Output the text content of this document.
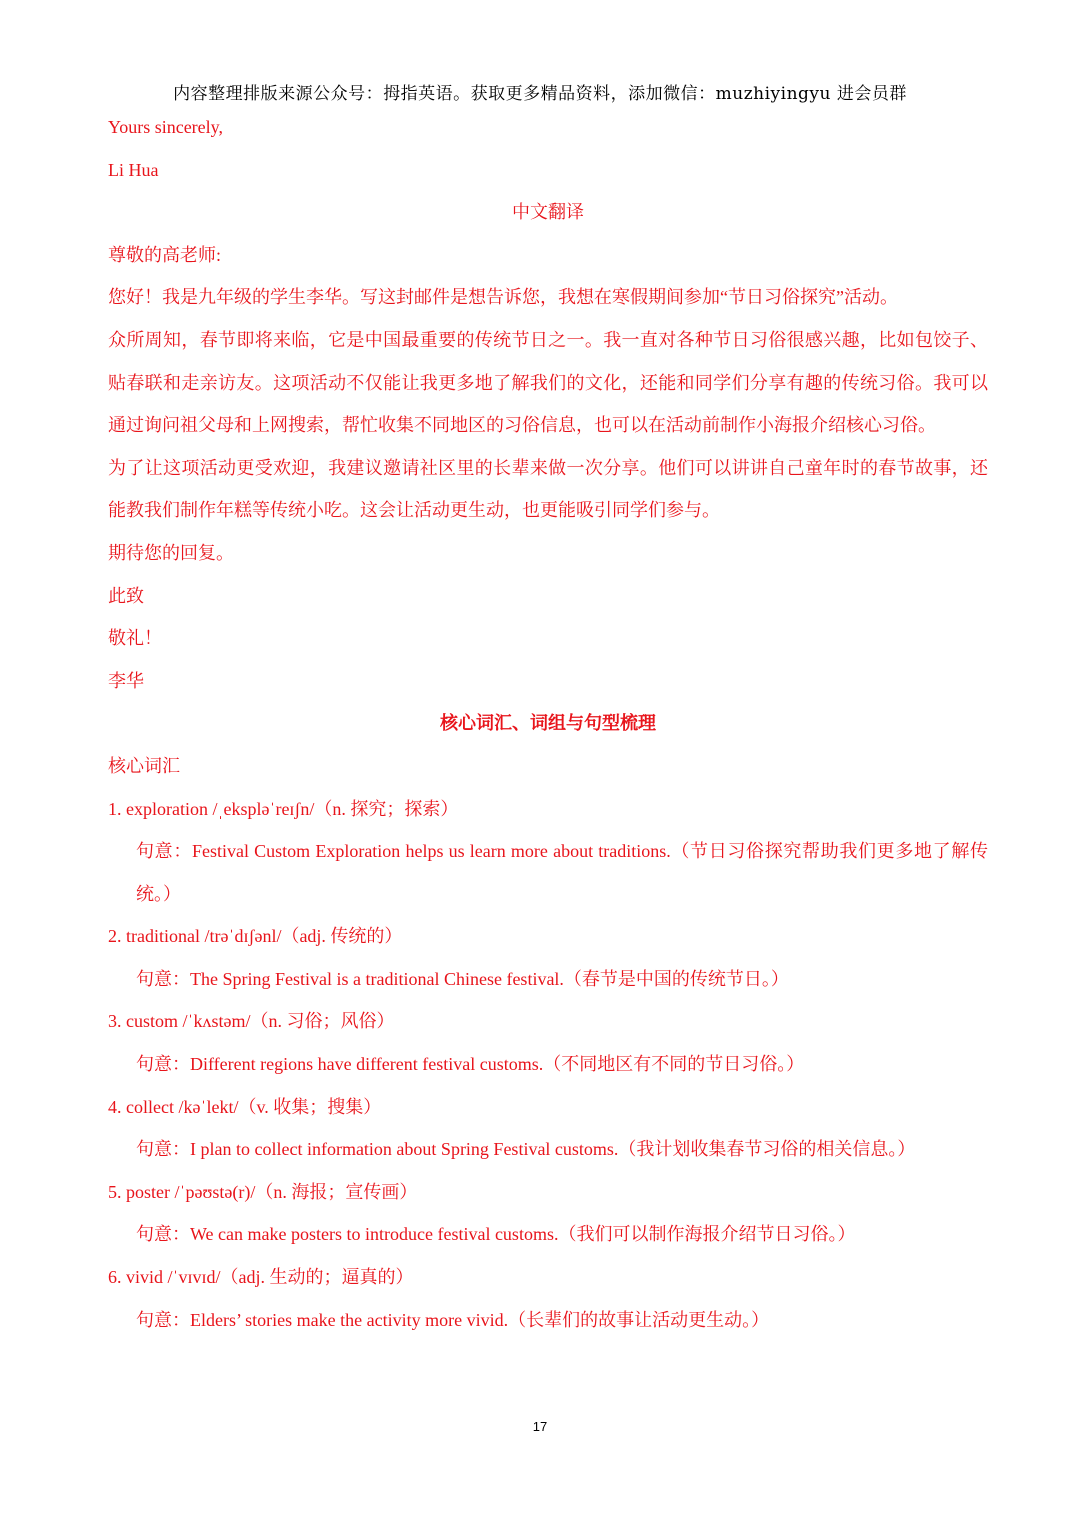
内容整理排版来源公众号：拇指英语。获取更多精品资料，添加微信：muzhiyingyu 进会员群
Yours sincerely,
Li Hua
中文翻译
尊敬的高老师:
您好！我是九年级的学生李华。写这封邮件是想告诉您，我想在寒假期间参加“节日习俗探究”活动。
众所周知，春节即将来临，它是中国最重要的传统节日之一。我一直对各种节日习俗很感兴趣，比如包饺子、贴春联和走亲访友。这项活动不仅能让我更多地了解我们的文化，还能和同学们分享有趣的传统习俗。我可以通过询问祖父母和上网搜索，帮忙收集不同地区的习俗信息，也可以在活动前制作小海报介绍核心习俗。
为了让这项活动更受欢迎，我建议邀请社区里的长辈来做一次分享。他们可以讲讲自己童年时的春节故事，还能教我们制作年糕等传统小吃。这会让活动更生动，也更能吸引同学们参与。
期待您的回复。
此致
敬礼！
李华
核心词汇、词组与句型梳理
核心词汇
1. exploration /ˌekspləˈreɪʃn/（n. 探究；探索）
句意：Festival Custom Exploration helps us learn more about traditions.（节日习俗探究帮助我们更多地了解传统。）
2. traditional /trəˈdɪʃənl/（adj. 传统的）
句意：The Spring Festival is a traditional Chinese festival.（春节是中国的传统节日。）
3. custom /ˈkʌstəm/（n. 习俗；风俗）
句意：Different regions have different festival customs.（不同地区有不同的节日习俗。）
4. collect /kəˈlekt/（v. 收集；搜集）
句意：I plan to collect information about Spring Festival customs.（我计划收集春节习俗的相关信息。）
5. poster /ˈpəʊstə(r)/（n. 海报；宣传画）
句意：We can make posters to introduce festival customs.（我们可以制作海报介绍节日习俗。）
6. vivid /ˈvɪvɪd/（adj. 生动的；逼真的）
句意：Elders’ stories make the activity more vivid.（长辈们的故事让活动更生动。）
17
